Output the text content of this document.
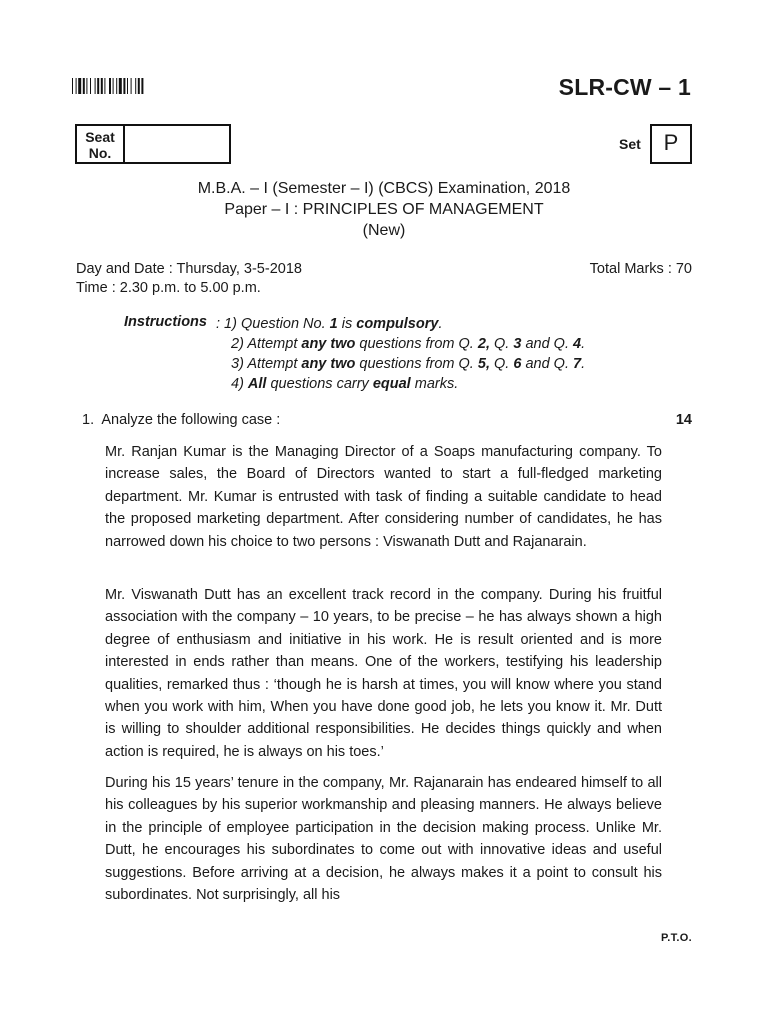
SLR-CW – 1
Seat
No.
Set	P
M.B.A. – I (Semester – I) (CBCS) Examination, 2018
Paper – I : PRINCIPLES OF MANAGEMENT
(New)
Day and Date : Thursday, 3-5-2018
Time : 2.30 p.m. to 5.00 p.m.
Total Marks : 70
Instructions : 1) Question No. 1 is compulsory.
2) Attempt any two questions from Q. 2, Q. 3 and Q. 4.
3) Attempt any two questions from Q. 5, Q. 6 and Q. 7.
4) All questions carry equal marks.
1.  Analyze the following case :	14
Mr. Ranjan Kumar is the Managing Director of a Soaps manufacturing company. To increase sales, the Board of Directors wanted to start a full-fledged marketing department. Mr. Kumar is entrusted with task of finding a suitable candidate to head the proposed marketing department. After considering number of candidates, he has narrowed down his choice to two persons : Viswanath Dutt and Rajanarain.
Mr. Viswanath Dutt has an excellent track record in the company. During his fruitful association with the company – 10 years, to be precise – he has always shown a high degree of enthusiasm and initiative in his work. He is result oriented and is more interested in ends rather than means. One of the workers, testifying his leadership qualities, remarked thus : ‘though he is harsh at times, you will know where you stand when you work with him, When you have done good job, he lets you know it. Mr. Dutt is willing to shoulder additional responsibilities. He decides things quickly and when action is required, he is always on his toes.’
During his 15 years’ tenure in the company, Mr. Rajanarain has endeared himself to all his colleagues by his superior workmanship and pleasing manners. He always believe in the principle of employee participation in the decision making process. Unlike Mr. Dutt, he encourages his subordinates to come out with innovative ideas and useful suggestions. Before arriving at a decision, he always makes it a point to consult his subordinates. Not surprisingly, all his
P.T.O.
